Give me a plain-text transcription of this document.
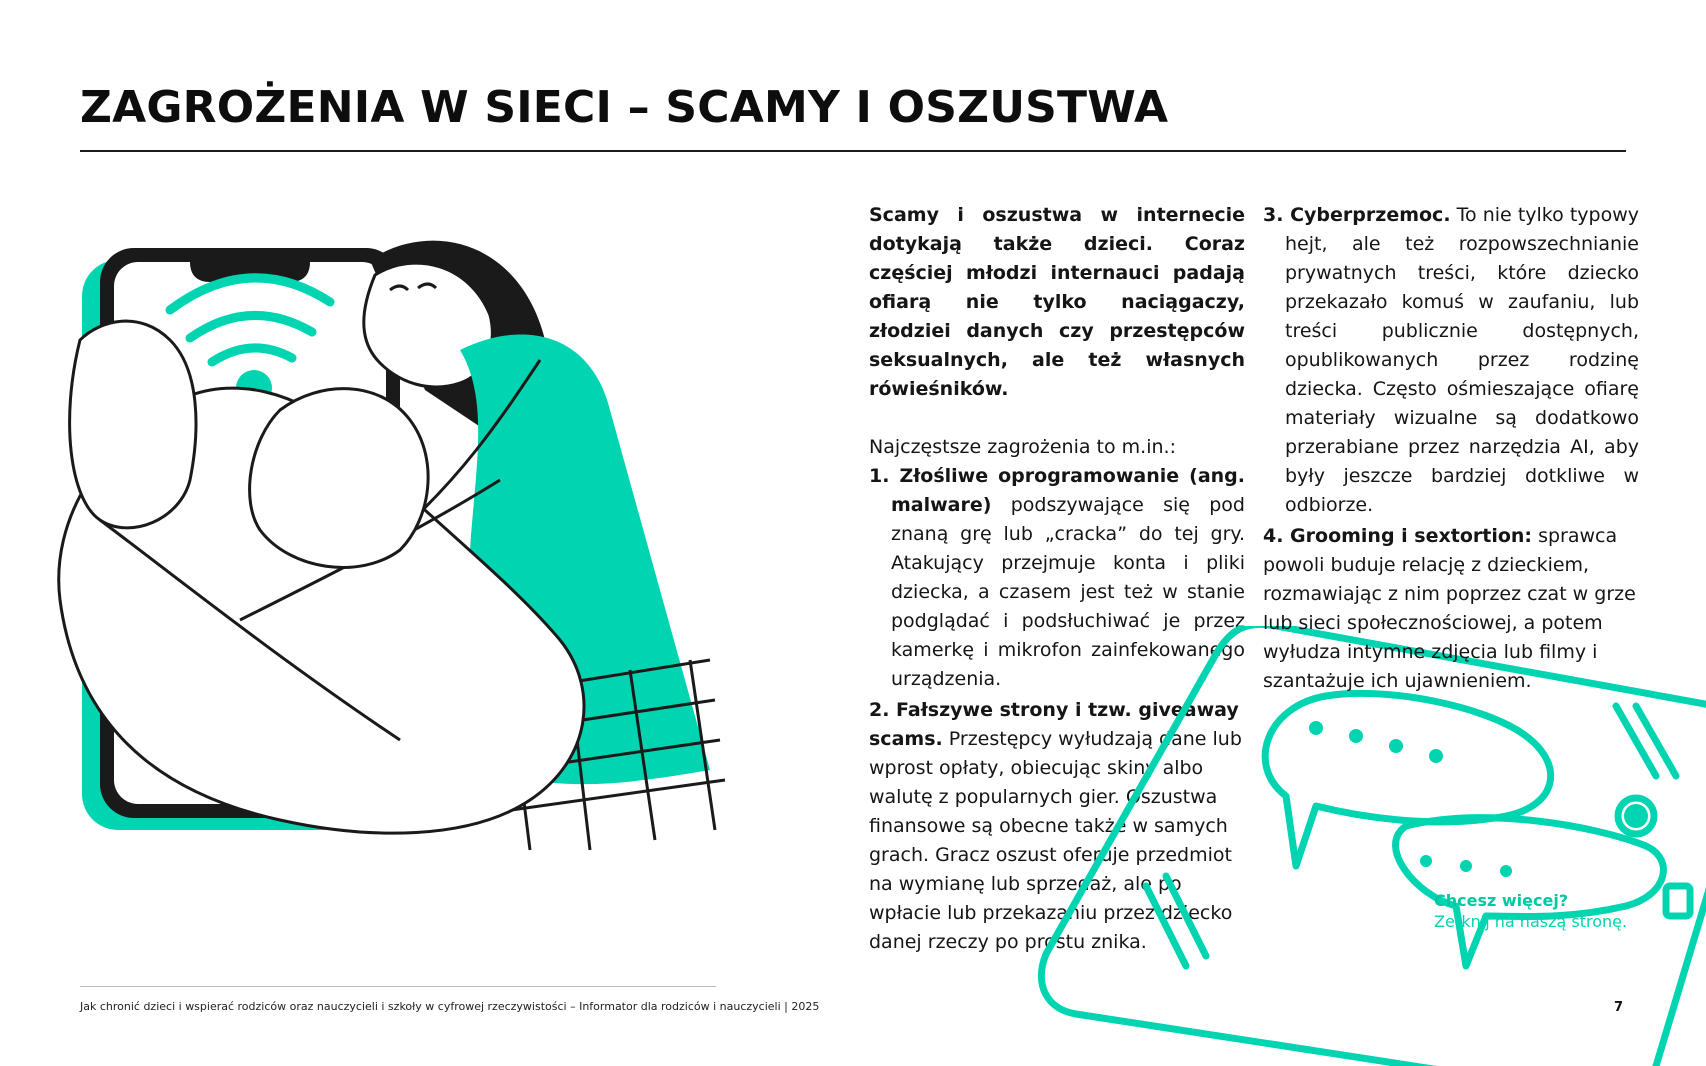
ZAGROŻENIA W SIECI – SCAMY I OSZUSTWA

Scamy i oszustwa w internecie dotykają także dzieci. Coraz częściej młodzi internauci padają ofiarą nie tylko naciągaczy, złodziei danych czy przestępców seksualnych, ale też własnych rówieśników.

Najczęstsze zagrożenia to m.in.:

1. Złośliwe oprogramowanie (ang. malware) podszywające się pod znaną grę lub „cracka” do tej gry. Atakujący przejmuje konta i pliki dziecka, a czasem jest też w stanie podglądać i podsłuchiwać je przez kamerkę i mikrofon zainfekowanego urządzenia.

2. Fałszywe strony i tzw. giveaway scams. Przestępcy wyłudzają dane lub wprost opłaty, obiecując skiny albo walutę z popularnych gier. Oszustwa finansowe są obecne także w samych grach. Gracz oszust oferuje przedmiot na wymianę lub sprzedaż, ale po wpłacie lub przekazaniu przez dziecko danej rzeczy po prostu znika.

3. Cyberprzemoc. To nie tylko typowy hejt, ale też rozpowszechnianie prywatnych treści, które dziecko przekazało komuś w zaufaniu, lub treści publicznie dostępnych, opublikowanych przez rodzinę dziecka. Często ośmieszające ofiarę materiały wizualne są dodatkowo przerabiane przez narzędzia AI, aby były jeszcze bardziej dotkliwe w odbiorze.

4. Grooming i sextortion: sprawca powoli buduje relację z dzieckiem, rozmawiając z nim poprzez czat w grze lub sieci społecznościowej, a potem wyłudza intymne zdjęcia lub filmy i szantażuje ich ujawnieniem.

Chcesz więcej?
Zerknij na naszą stronę.
Jak chronić dzieci i wspierać rodziców oraz nauczycieli i szkoły w cyfrowej rzeczywistości – Informator dla rodziców i nauczycieli | 2025	7
